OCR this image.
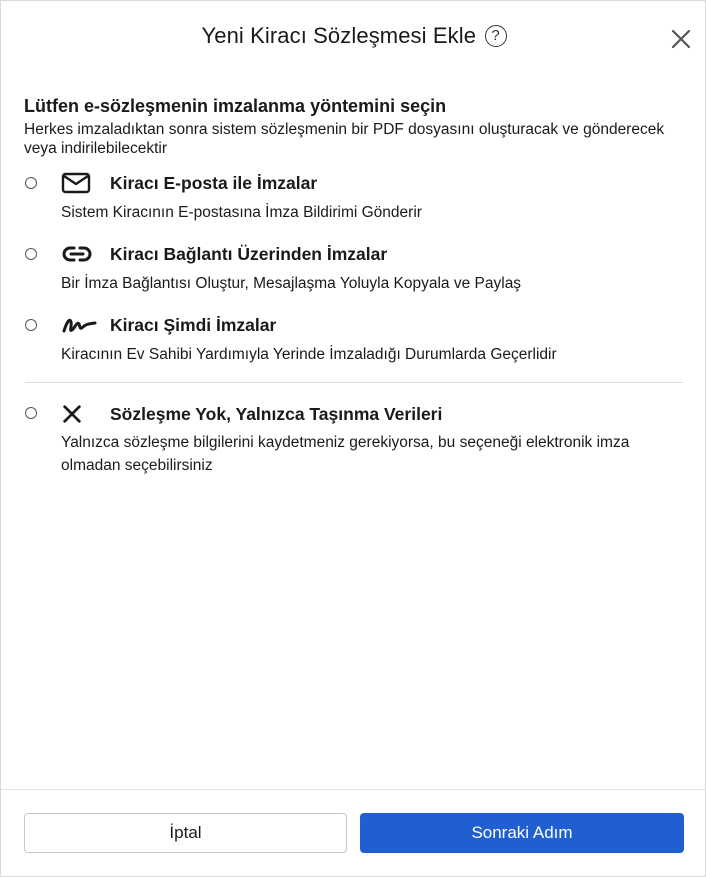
Yeni Kiracı Sözleşmesi Ekle ?
Lütfen e-sözleşmenin imzalanma yöntemini seçin
Herkes imzaladıktan sonra sistem sözleşmenin bir PDF dosyasını oluşturacak ve gönderecek veya indirilebilecektir
Kiracı E-posta ile İmzalar
Sistem Kiracının E-postasına İmza Bildirimi Gönderir
Kiracı Bağlantı Üzerinden İmzalar
Bir İmza Bağlantısı Oluştur, Mesajlaşma Yoluyla Kopyala ve Paylaş
Kiracı Şimdi İmzalar
Kiracının Ev Sahibi Yardımıyla Yerinde İmzaladığı Durumlarda Geçerlidir
Sözleşme Yok, Yalnızca Taşınma Verileri
Yalnızca sözleşme bilgilerini kaydetmeniz gerekiyorsa, bu seçeneği elektronik imza olmadan seçebilirsiniz
İptal	Sonraki Adım
